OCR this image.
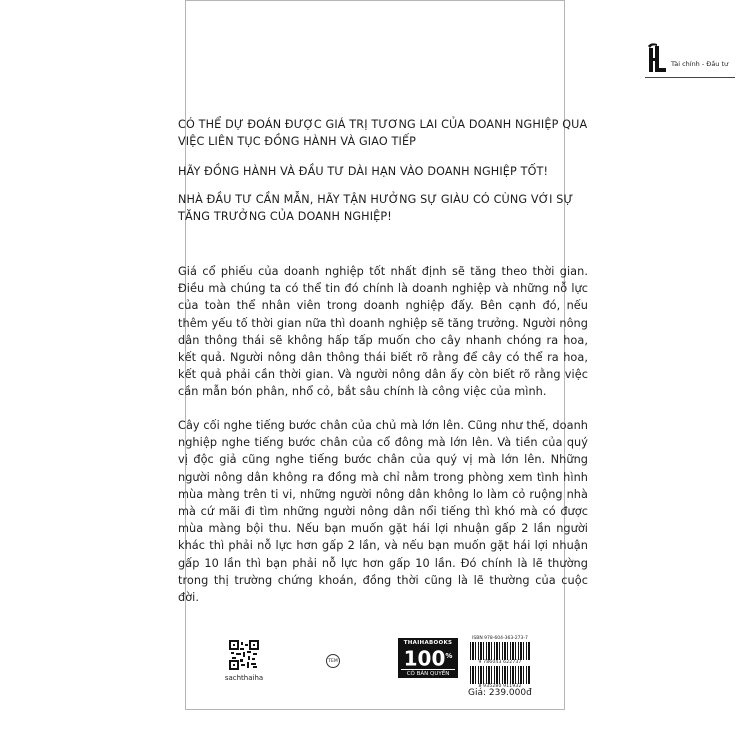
Tài chính - Đầu tư
CÓ THỂ DỰ ĐOÁN ĐƯỢC GIÁ TRỊ TƯƠNG LAI CỦA DOANH NGHIỆP QUA VIỆC LIÊN TỤC ĐỒNG HÀNH VÀ GIAO TIẾP
HÃY ĐỒNG HÀNH VÀ ĐẦU TƯ DÀI HẠN VÀO DOANH NGHIỆP TỐT!
NHÀ ĐẦU TƯ CẦN MẪN, HÃY TẬN HƯỞNG SỰ GIÀU CÓ CÙNG VỚI SỰ TĂNG TRƯỞNG CỦA DOANH NGHIỆP!
Giá cổ phiếu của doanh nghiệp tốt nhất định sẽ tăng theo thời gian. Điều mà chúng ta có thể tin đó chính là doanh nghiệp và những nỗ lực của toàn thể nhân viên trong doanh nghiệp đấy. Bên cạnh đó, nếu thêm yếu tố thời gian nữa thì doanh nghiệp sẽ tăng trưởng. Người nông dân thông thái sẽ không hấp tấp muốn cho cây nhanh chóng ra hoa, kết quả. Người nông dân thông thái biết rõ rằng để cây có thể ra hoa, kết quả phải cần thời gian. Và người nông dân ấy còn biết rõ rằng việc cần mẫn bón phân, nhổ cỏ, bắt sâu chính là công việc của mình.
Cây cối nghe tiếng bước chân của chủ mà lớn lên. Cũng như thế, doanh nghiệp nghe tiếng bước chân của cổ đông mà lớn lên. Và tiền của quý vị độc giả cũng nghe tiếng bước chân của quý vị mà lớn lên. Những người nông dân không ra đồng mà chỉ nằm trong phòng xem tình hình mùa màng trên ti vi, những người nông dân không lo làm cỏ ruộng nhà mà cứ mãi đi tìm những người nông dân nổi tiếng thì khó mà có được mùa màng bội thu. Nếu bạn muốn gặt hái lợi nhuận gấp 2 lần người khác thì phải nỗ lực hơn gấp 2 lần, và nếu bạn muốn gặt hái lợi nhuận gấp 10 lần thì bạn phải nỗ lực hơn gấp 10 lần. Đó chính là lẽ thường trong thị trường chứng khoán, đồng thời cũng là lẽ thường của cuộc đời.
sachthaiha
TEM
THAIHABOOKS
100%
CÓ BẢN QUYỀN
ISBN 978-604-363-273-7
9 786043 622737
8 935280 911932
Giá: 239.000đ
